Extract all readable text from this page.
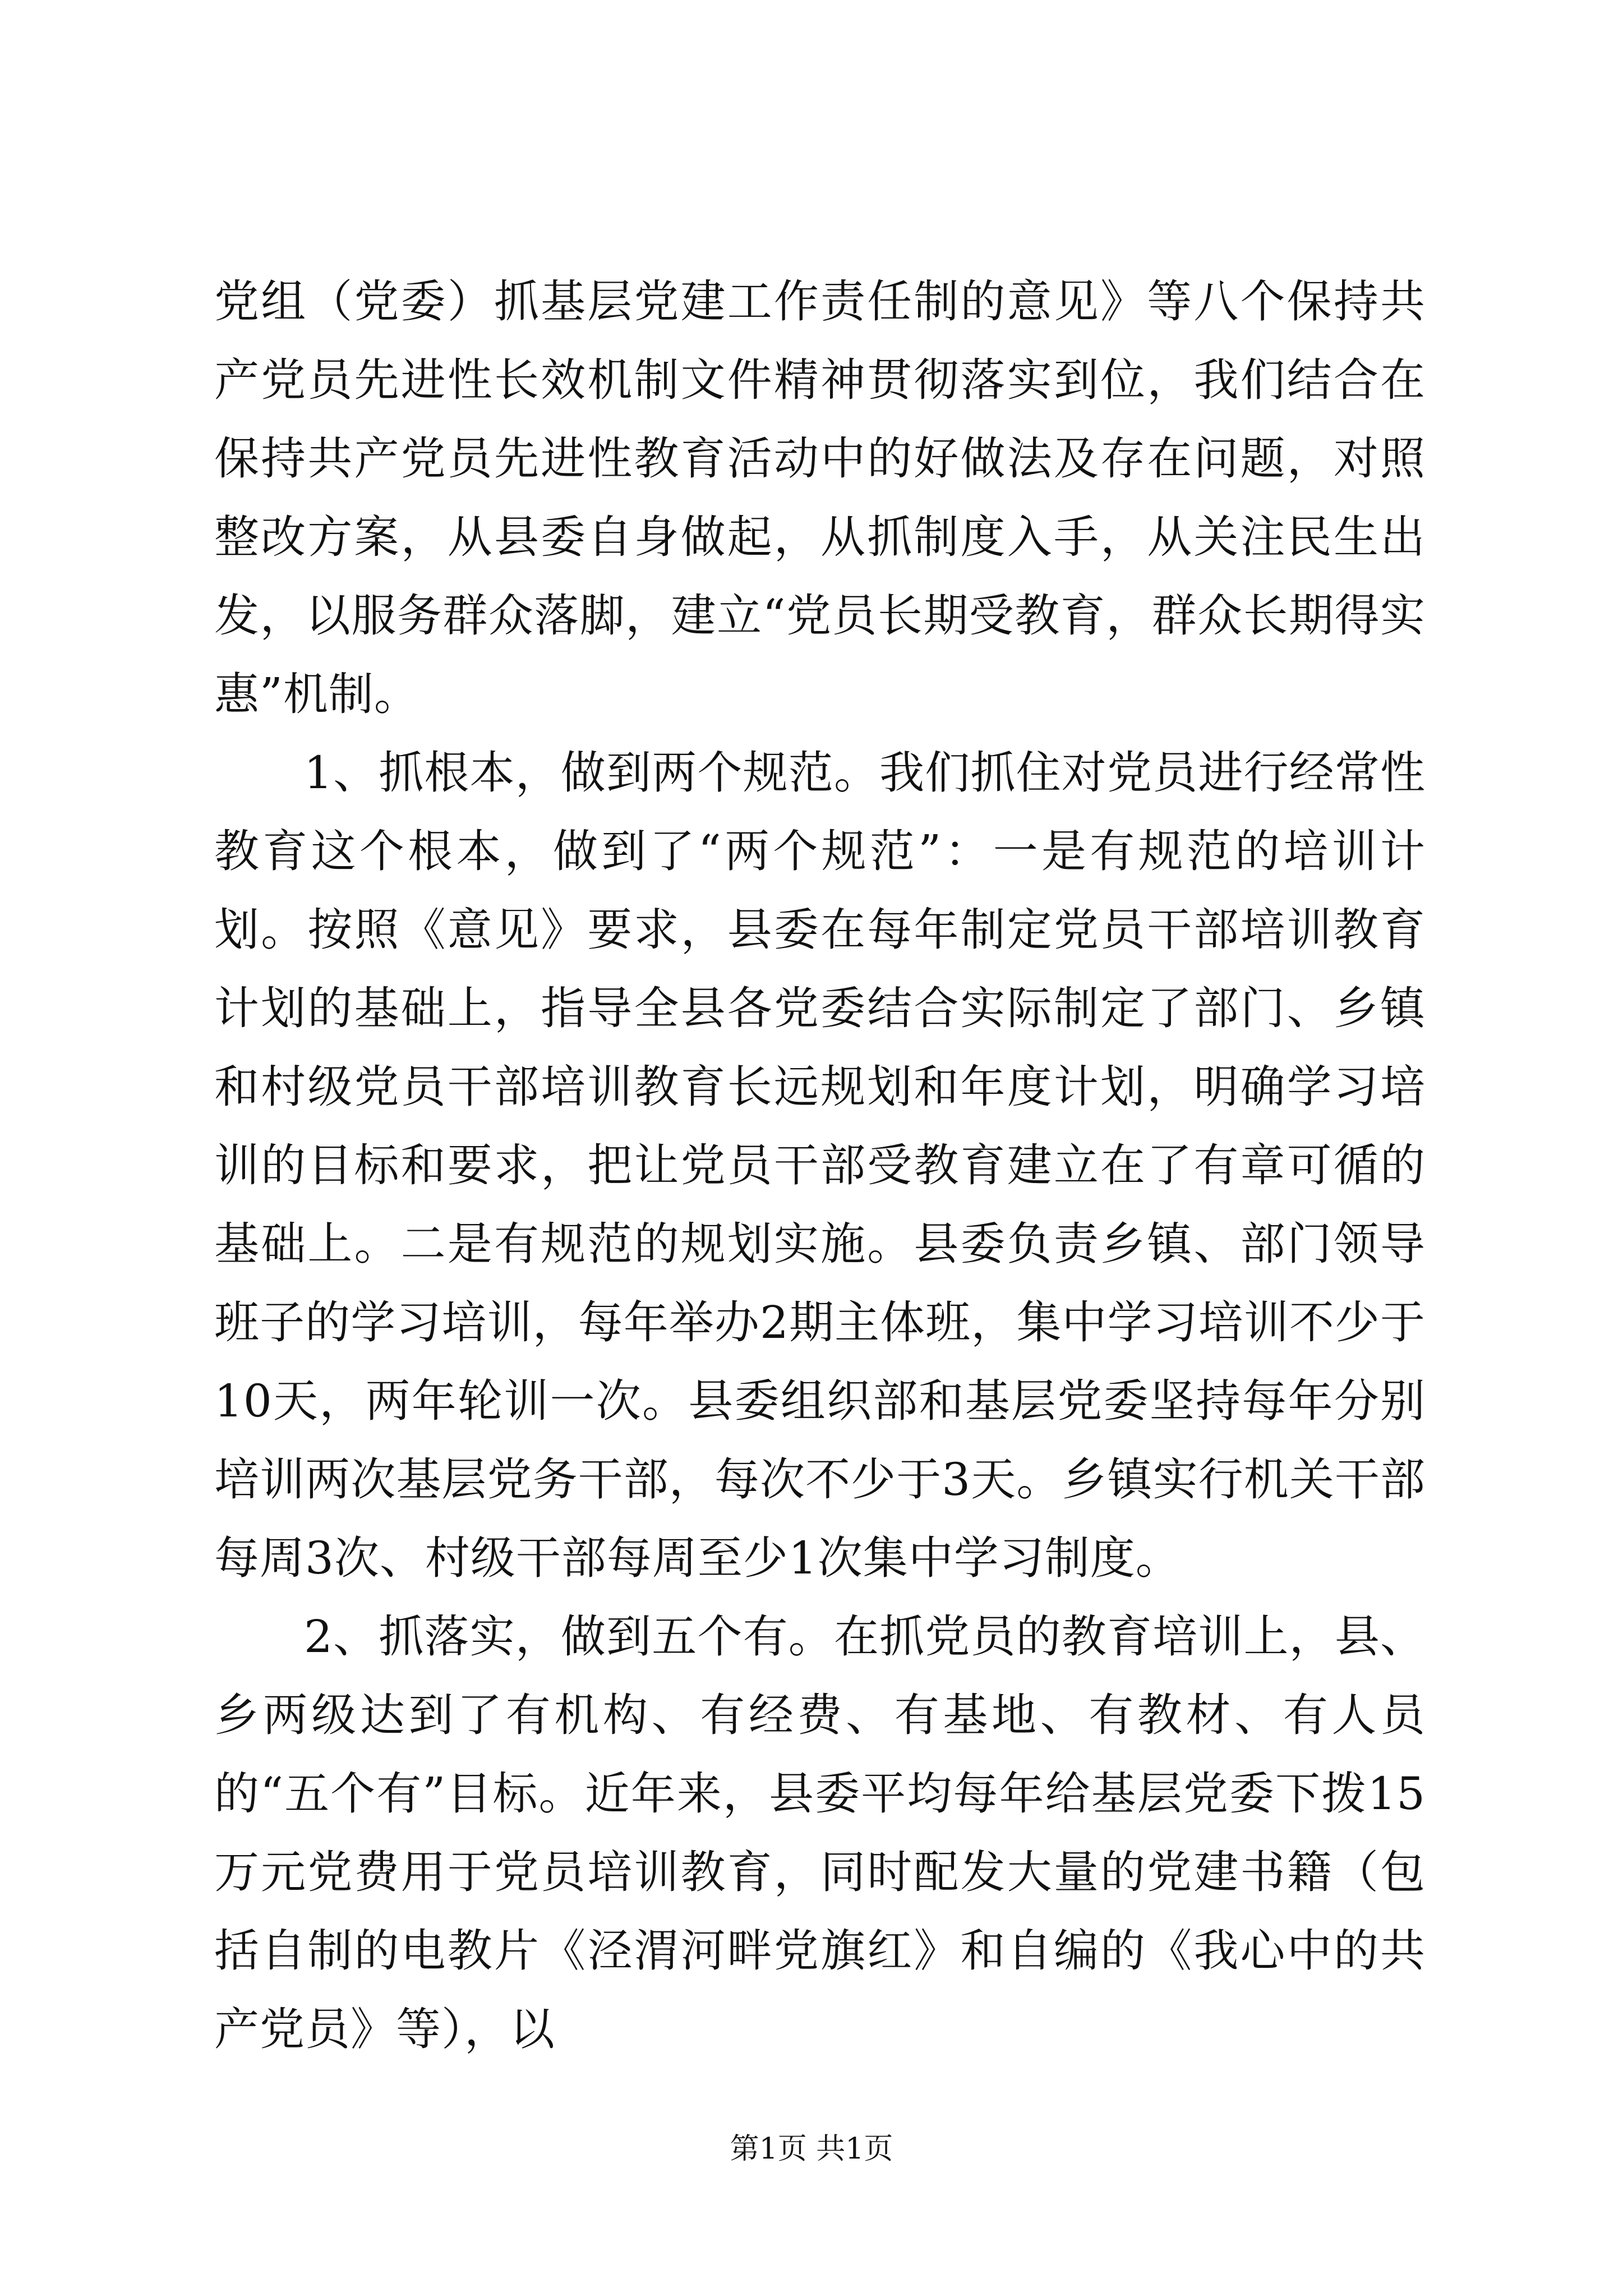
党组（党委）抓基层党建工作责任制的意见》等八个保持共产党员先进性长效机制文件精神贯彻落实到位，我们结合在保持共产党员先进性教育活动中的好做法及存在问题，对照整改方案，从县委自身做起，从抓制度入手，从关注民生出发，以服务群众落脚，建立“党员长期受教育，群众长期得实惠”机制。

1、抓根本，做到两个规范。我们抓住对党员进行经常性教育这个根本，做到了“两个规范”：一是有规范的培训计划。按照《意见》要求，县委在每年制定党员干部培训教育计划的基础上，指导全县各党委结合实际制定了部门、乡镇和村级党员干部培训教育长远规划和年度计划，明确学习培训的目标和要求，把让党员干部受教育建立在了有章可循的基础上。二是有规范的规划实施。县委负责乡镇、部门领导班子的学习培训，每年举办2期主体班，集中学习培训不少于10天，两年轮训一次。县委组织部和基层党委坚持每年分别培训两次基层党务干部，每次不少于3天。乡镇实行机关干部每周3次、村级干部每周至少1次集中学习制度。

2、抓落实，做到五个有。在抓党员的教育培训上，县、乡两级达到了有机构、有经费、有基地、有教材、有人员的“五个有”目标。近年来，县委平均每年给基层党委下拨15万元党费用于党员培训教育，同时配发大量的党建书籍（包括自制的电教片《泾渭河畔党旗红》和自编的《我心中的共产党员》等），以

第1页 共1页
